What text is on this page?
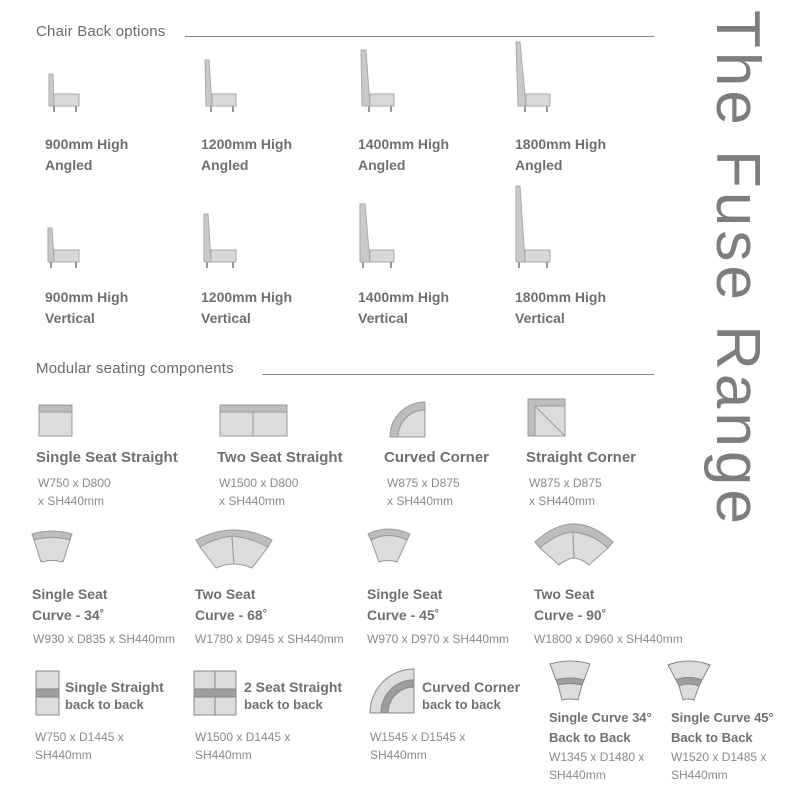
The Fuse Range
Chair Back options
900mm High
Angled
1200mm High
Angled
1400mm High
Angled
1800mm High
Angled
900mm High
Vertical
1200mm High
Vertical
1400mm High
Vertical
1800mm High
Vertical
Modular seating components
Single Seat Straight
W750 x D800
x SH440mm
Two Seat Straight
W1500 x D800
x SH440mm
Curved Corner
W875 x D875
x SH440mm
Straight Corner
W875 x D875
x SH440mm
Single Seat
Curve - 34˚
W930 x D835 x SH440mm
Two Seat
Curve - 68˚
W1780 x D945 x SH440mm
Single Seat
Curve - 45˚
W970 x D970 x SH440mm
Two Seat
Curve - 90˚
W1800 x D960 x SH440mm
Single Straight
back to back
W750 x D1445 x
SH440mm
2 Seat Straight
back to back
W1500 x D1445 x
SH440mm
Curved Corner
back to back
W1545 x D1545 x
SH440mm
Single Curve 34°
Back to Back
W1345 x D1480 x
SH440mm
Single Curve 45°
Back to Back
W1520 x D1485 x
SH440mm
